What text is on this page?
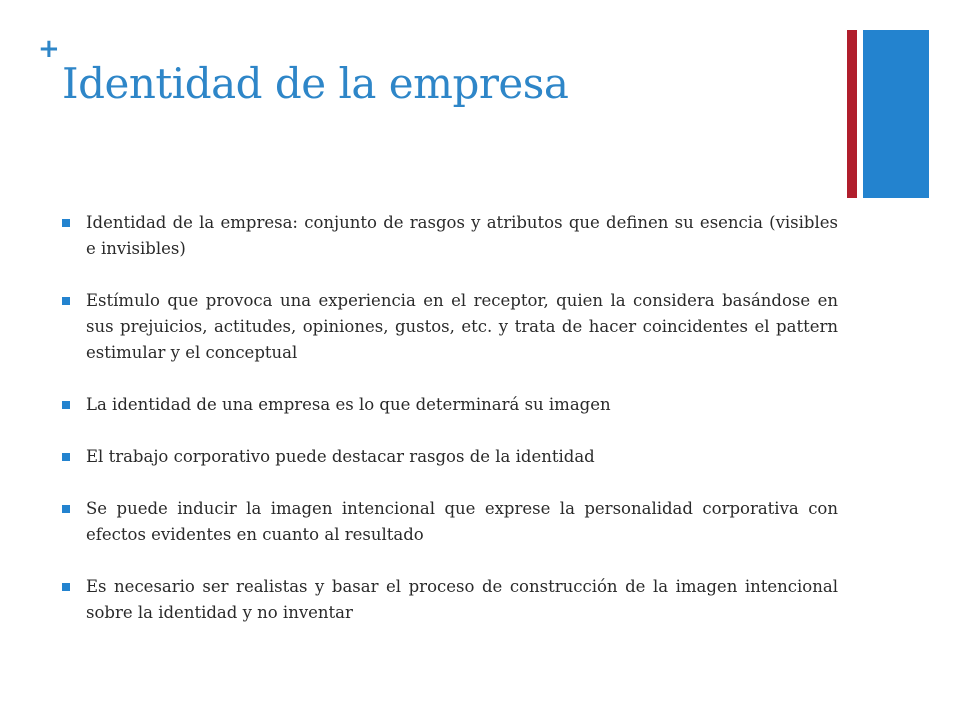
+
Identidad de la empresa
Identidad de la empresa: conjunto de rasgos y atributos que definen su esencia (visibles e invisibles)
Estímulo que provoca una experiencia en el receptor, quien la considera basándose en sus prejuicios, actitudes, opiniones, gustos, etc. y trata de hacer coincidentes el pattern estimular y el conceptual
La identidad de una empresa es lo que determinará su imagen
El trabajo corporativo puede destacar rasgos de la identidad
Se puede inducir la imagen intencional que exprese la personalidad corporativa con efectos evidentes en cuanto al resultado
Es necesario ser realistas y basar el proceso de construcción de la imagen intencional sobre la identidad y no inventar
